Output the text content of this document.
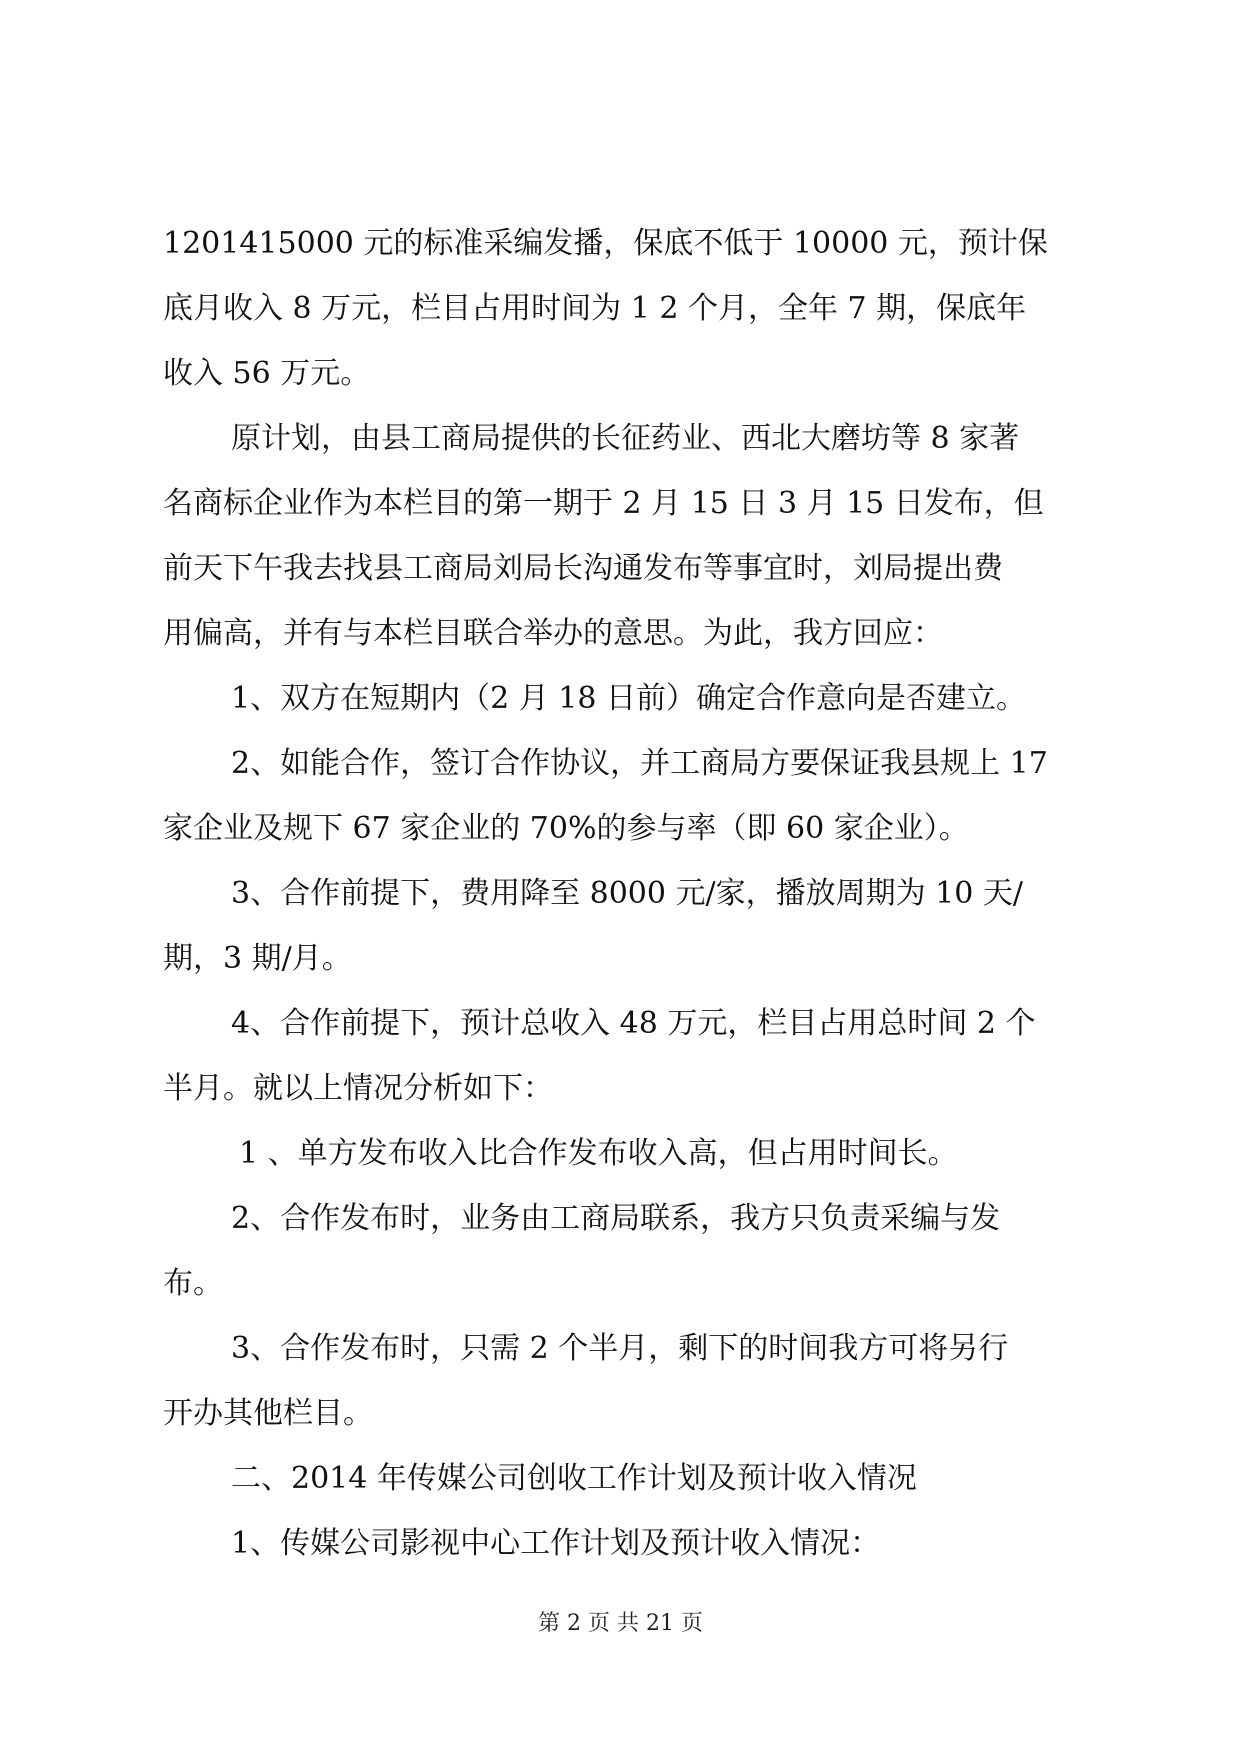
1201415000 元的标准采编发播，保底不低于 10000 元，预计保

底月收入 8 万元，栏目占用时间为 1 2 个月，全年 7 期，保底年

收入 56 万元。

原计划，由县工商局提供的长征药业、西北大磨坊等 8 家著

名商标企业作为本栏目的第一期于 2 月 15 日 3 月 15 日发布，但

前天下午我去找县工商局刘局长沟通发布等事宜时，刘局提出费

用偏高，并有与本栏目联合举办的意思。为此，我方回应：

1、双方在短期内（2 月 18 日前）确定合作意向是否建立。

2、如能合作，签订合作协议，并工商局方要保证我县规上 17

家企业及规下 67 家企业的 70%的参与率（即 60 家企业）。

3、合作前提下，费用降至 8000 元/家，播放周期为 10 天/

期，3 期/月。

4、合作前提下，预计总收入 48 万元，栏目占用总时间 2 个

半月。就以上情况分析如下：

1 、单方发布收入比合作发布收入高，但占用时间长。

2、合作发布时，业务由工商局联系，我方只负责采编与发

布。

3、合作发布时，只需 2 个半月，剩下的时间我方可将另行

开办其他栏目。

二、2014 年传媒公司创收工作计划及预计收入情况

1、传媒公司影视中心工作计划及预计收入情况：

第 2 页 共 21 页
